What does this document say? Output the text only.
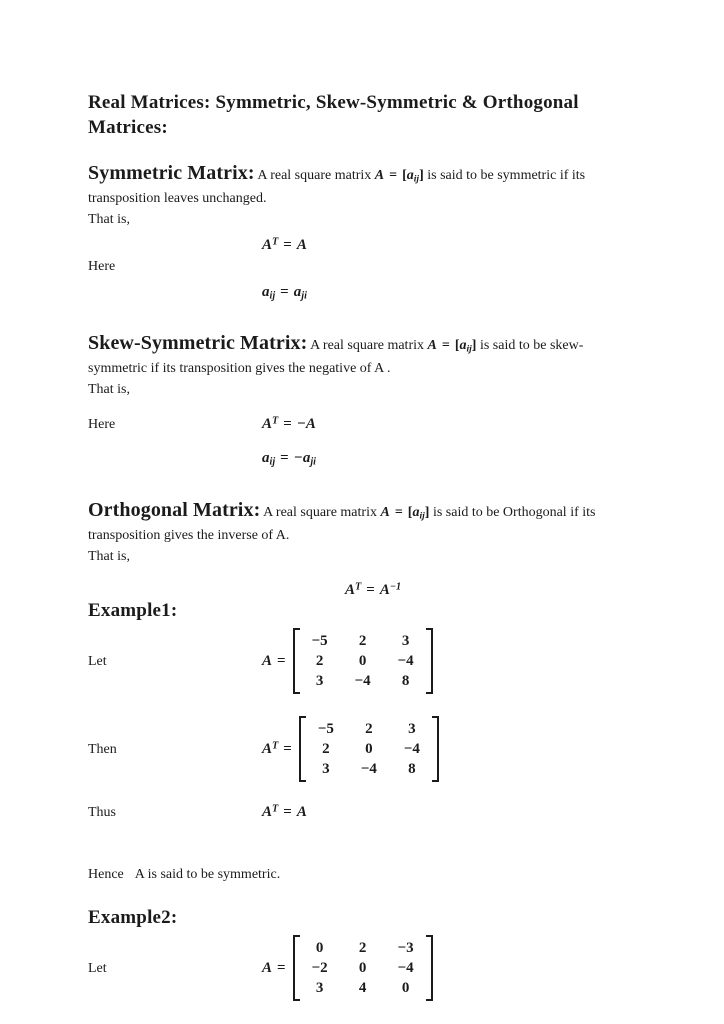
Real Matrices: Symmetric, Skew-Symmetric & Orthogonal Matrices:

Symmetric Matrix: A real square matrix $A = [a_{ij}]$ is said to be symmetric if its transposition leaves unchanged.

That is,

$A^T = A$

Here

$a_{ij} = a_{ji}$

Skew-Symmetric Matrix: A real square matrix $A = [a_{ij}]$ is said to be skew-symmetric if its transposition gives the negative of A .

That is,

Here	$A^T = -A$
$a_{ij} = -a_{ji}$

Orthogonal Matrix: A real square matrix $A = [a_{ij}]$ is said to be Orthogonal if its transposition gives the inverse of A.

That is,

$A^T = A^{-1}$
Example1:
Let	A =
−5	2	3
2	0	−4
3	−4	8
Then	$A^T$ =
−5	2	3
2	0	−4
3	−4	8
Thus	$A^T = A$
Hence A is said to be symmetric.
Example2:
Let	A =
0	2	−3
−2	0	−4
3	4	0
